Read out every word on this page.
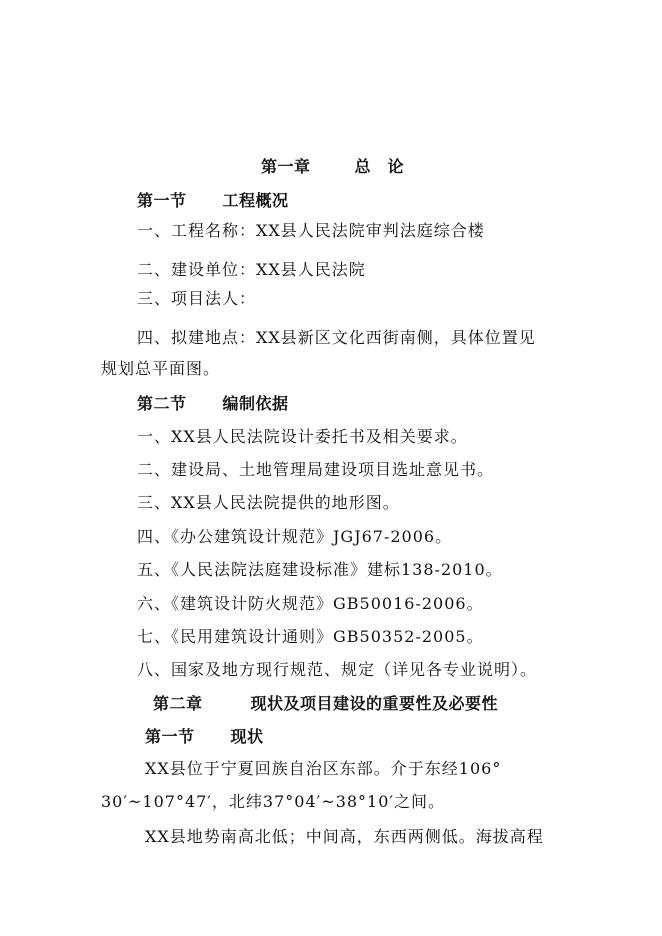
第一章	总　论
第一节 工程概况
一、工程名称：XX县人民法院审判法庭综合楼
二、建设单位：XX县人民法院
三、项目法人：
四、拟建地点：XX县新区文化西街南侧，具体位置见
规划总平面图。
第二节 编制依据
一、XX县人民法院设计委托书及相关要求。
二、建设局、土地管理局建设项目选址意见书。
三、XX县人民法院提供的地形图。
四、《办公建筑设计规范》JGJ67-2006。
五、《人民法院法庭建设标准》建标138-2010。
六、《建筑设计防火规范》GB50016-2006。
七、《民用建筑设计通则》GB50352-2005。
八、国家及地方现行规范、规定（详见各专业说明）。
第二章	现状及项目建设的重要性及必要性
第一节 现状
XX县位于宁夏回族自治区东部。介于东经106°
30′~107°47′，北纬37°04′~38°10′之间。
XX县地势南高北低；中间高，东西两侧低。海拔高程
